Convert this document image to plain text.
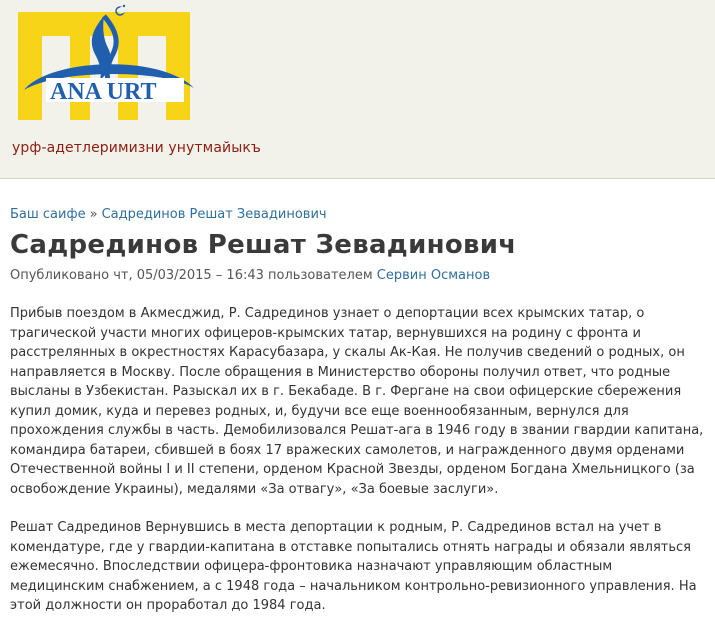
ANA URT
урф-адетлеримизни унутмайыкъ
Баш саифе » Садрединов Решат Зевадинович
Садрединов Решат Зевадинович
Опубликовано чт, 05/03/2015 – 16:43 пользователем Сервин Османов

Прибыв поездом в Акмесджид, Р. Садрединов узнает о депортации всех крымских татар, о трагической участи многих офицеров-крымских татар, вернувшихся на родину с фронта и расстрелянных в окрестностях Карасубазара, у скалы Ак-Кая. Не получив сведений о родных, он направляется в Москву. После обращения в Министерство обороны получил ответ, что родные высланы в Узбекистан. Разыскал их в г. Бекабаде. В г. Фергане на свои офицерские сбережения купил домик, куда и перевез родных, и, будучи все еще военнообязанным, вернулся для прохождения службы в часть. Демобилизовался Решат-ага в 1946 году в звании гвардии капитана, командира батареи, сбившей в боях 17 вражеских самолетов, и награжденного двумя орденами Отечественной войны I и II степени, орденом Красной Звезды, орденом Богдана Хмельницкого (за освобождение Украины), медалями «За отвагу», «За боевые заслуги».

Решат Садрединов Вернувшись в места депортации к родным, Р. Садрединов встал на учет в комендатуре, где у гвардии-капитана в отставке попытались отнять награды и обязали являться ежемесячно. Впоследствии офицера-фронтовика назначают управляющим областным медицинским снабжением, а с 1948 года – начальником контрольно-ревизионного управления. На этой должности он проработал до 1984 года.
